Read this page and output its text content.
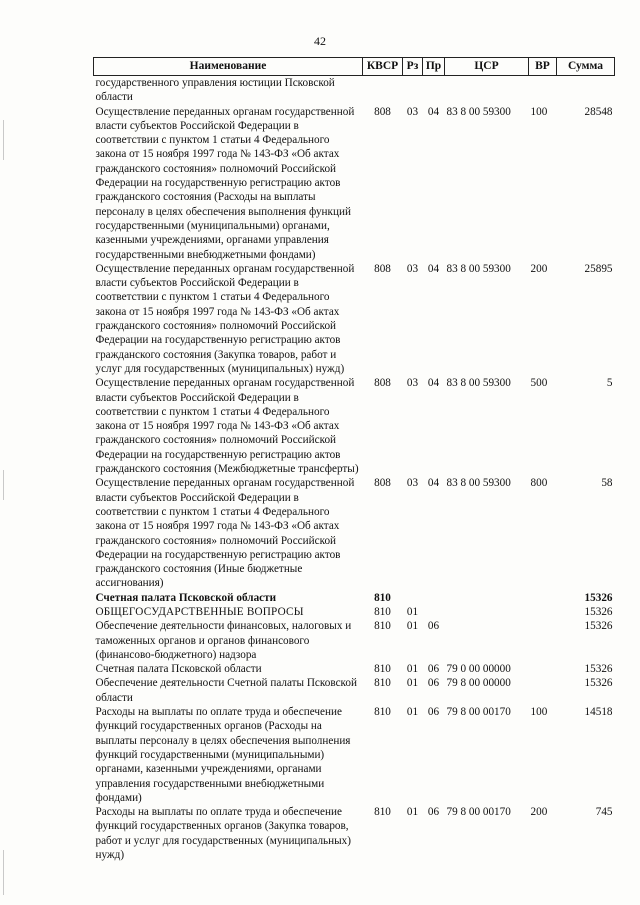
42
Наименование	КВСР	Рз	Пр	ЦСР	ВР	Сумма
государственного управления юстиции Псковской области						
Осуществление переданных органам государственной власти субъектов Российской Федерации в соответствии с пунктом 1 статьи 4 Федерального закона от 15 ноября 1997 года № 143-ФЗ «Об актах гражданского состояния» полномочий Российской Федерации на государственную регистрацию актов гражданского состояния (Расходы на выплаты персоналу в целях обеспечения выполнения функций государственными (муниципальными) органами, казенными учреждениями, органами управления государственными внебюджетными фондами)	808	03	04	83 8 00 59300	100	28548
Осуществление переданных органам государственной власти субъектов Российской Федерации в соответствии с пунктом 1 статьи 4 Федерального закона от 15 ноября 1997 года № 143-ФЗ «Об актах гражданского состояния» полномочий Российской Федерации на государственную регистрацию актов гражданского состояния (Закупка товаров, работ и услуг для государственных (муниципальных) нужд)	808	03	04	83 8 00 59300	200	25895
Осуществление переданных органам государственной власти субъектов Российской Федерации в соответствии с пунктом 1 статьи 4 Федерального закона от 15 ноября 1997 года № 143-ФЗ «Об актах гражданского состояния» полномочий Российской Федерации на государственную регистрацию актов гражданского состояния (Межбюджетные трансферты)	808	03	04	83 8 00 59300	500	5
Осуществление переданных органам государственной власти субъектов Российской Федерации в соответствии с пунктом 1 статьи 4 Федерального закона от 15 ноября 1997 года № 143-ФЗ «Об актах гражданского состояния» полномочий Российской Федерации на государственную регистрацию актов гражданского состояния (Иные бюджетные ассигнования)	808	03	04	83 8 00 59300	800	58
Счетная палата Псковской области	810					15326
ОБЩЕГОСУДАРСТВЕННЫЕ ВОПРОСЫ	810	01				15326
Обеспечение деятельности финансовых, налоговых и таможенных органов и органов финансового (финансово-бюджетного) надзора	810	01	06			15326
Счетная палата Псковской области	810	01	06	79 0 00 00000		15326
Обеспечение деятельности Счетной палаты Псковской области	810	01	06	79 8 00 00000		15326
Расходы на выплаты по оплате труда и обеспечение функций государственных органов (Расходы на выплаты персоналу в целях обеспечения выполнения функций государственными (муниципальными) органами, казенными учреждениями, органами управления государственными внебюджетными фондами)	810	01	06	79 8 00 00170	100	14518
Расходы на выплаты по оплате труда и обеспечение функций государственных органов (Закупка товаров, работ и услуг для государственных (муниципальных) нужд)	810	01	06	79 8 00 00170	200	745
